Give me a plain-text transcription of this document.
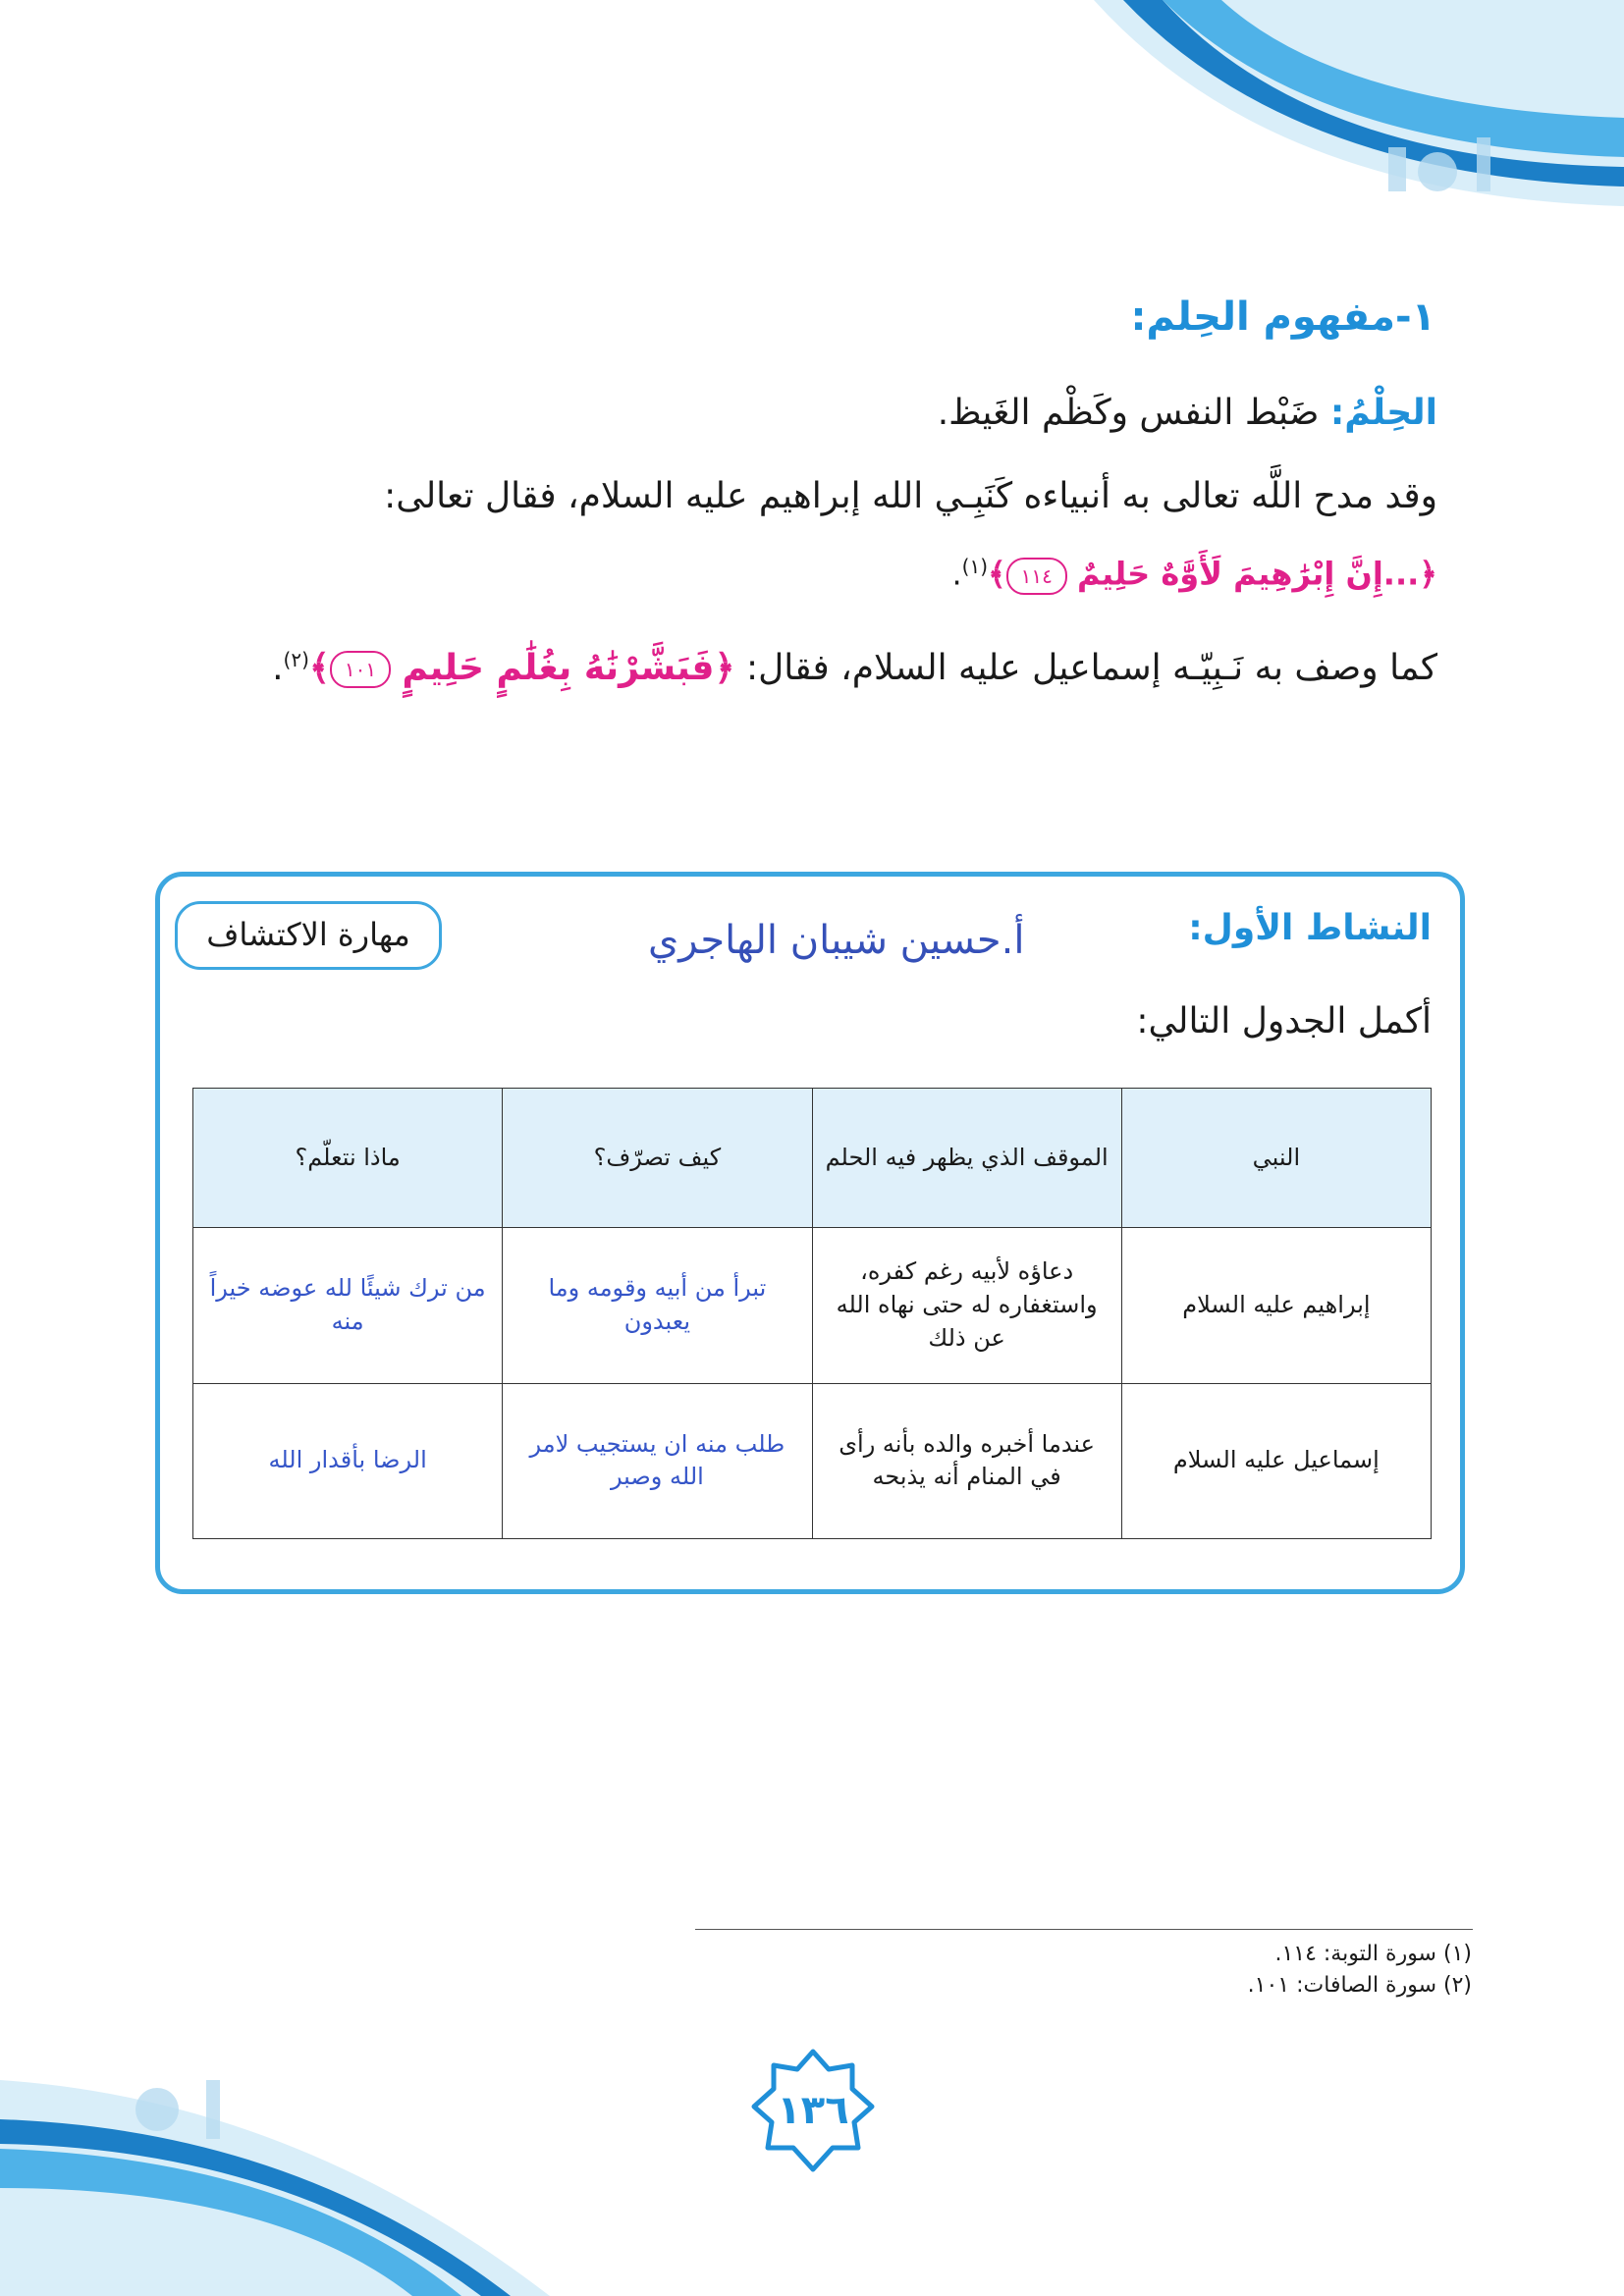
١-مفهوم الحِلم:
الحِلْمُ: ضَبْط النفس وكَظْم الغَيظ.
وقد مدح اللَّه تعالى به أنبياءه كَنَبِـي الله إبراهيم عليه السلام، فقال تعالى:
﴿...إِنَّ إِبْرَٰهِيمَ لَأَوَّٰهٌ حَلِيمٌ ١١٤﴾$^{(١)}$.
كما وصف به نَـبِيّـه إسماعيل عليه السلام، فقال: ﴿فَبَشَّرْنَٰهُ بِغُلَٰمٍ حَلِيمٍ ١٠١﴾$^{(٢)}$.
النشاط الأول:
أ.حسين شيبان الهاجري
مهارة الاكتشاف
أكمل الجدول التالي:
النبي	الموقف الذي يظهر فيه الحلم	كيف تصرّف؟	ماذا نتعلّم؟
إبراهيم عليه السلام	دعاؤه لأبيه رغم كفره، واستغفاره له حتى نهاه الله عن ذلك	تبرأ من أبيه وقومه وما يعبدون	من ترك شيئًا لله عوضه خيراً منه
إسماعيل عليه السلام	عندما أخبره والده بأنه رأى في المنام أنه يذبحه	طلب منه ان يستجيب لامر الله وصبر	الرضا بأقدار الله
(١) سورة التوبة: ١١٤.
(٢) سورة الصافات: ١٠١.
١٣٦
